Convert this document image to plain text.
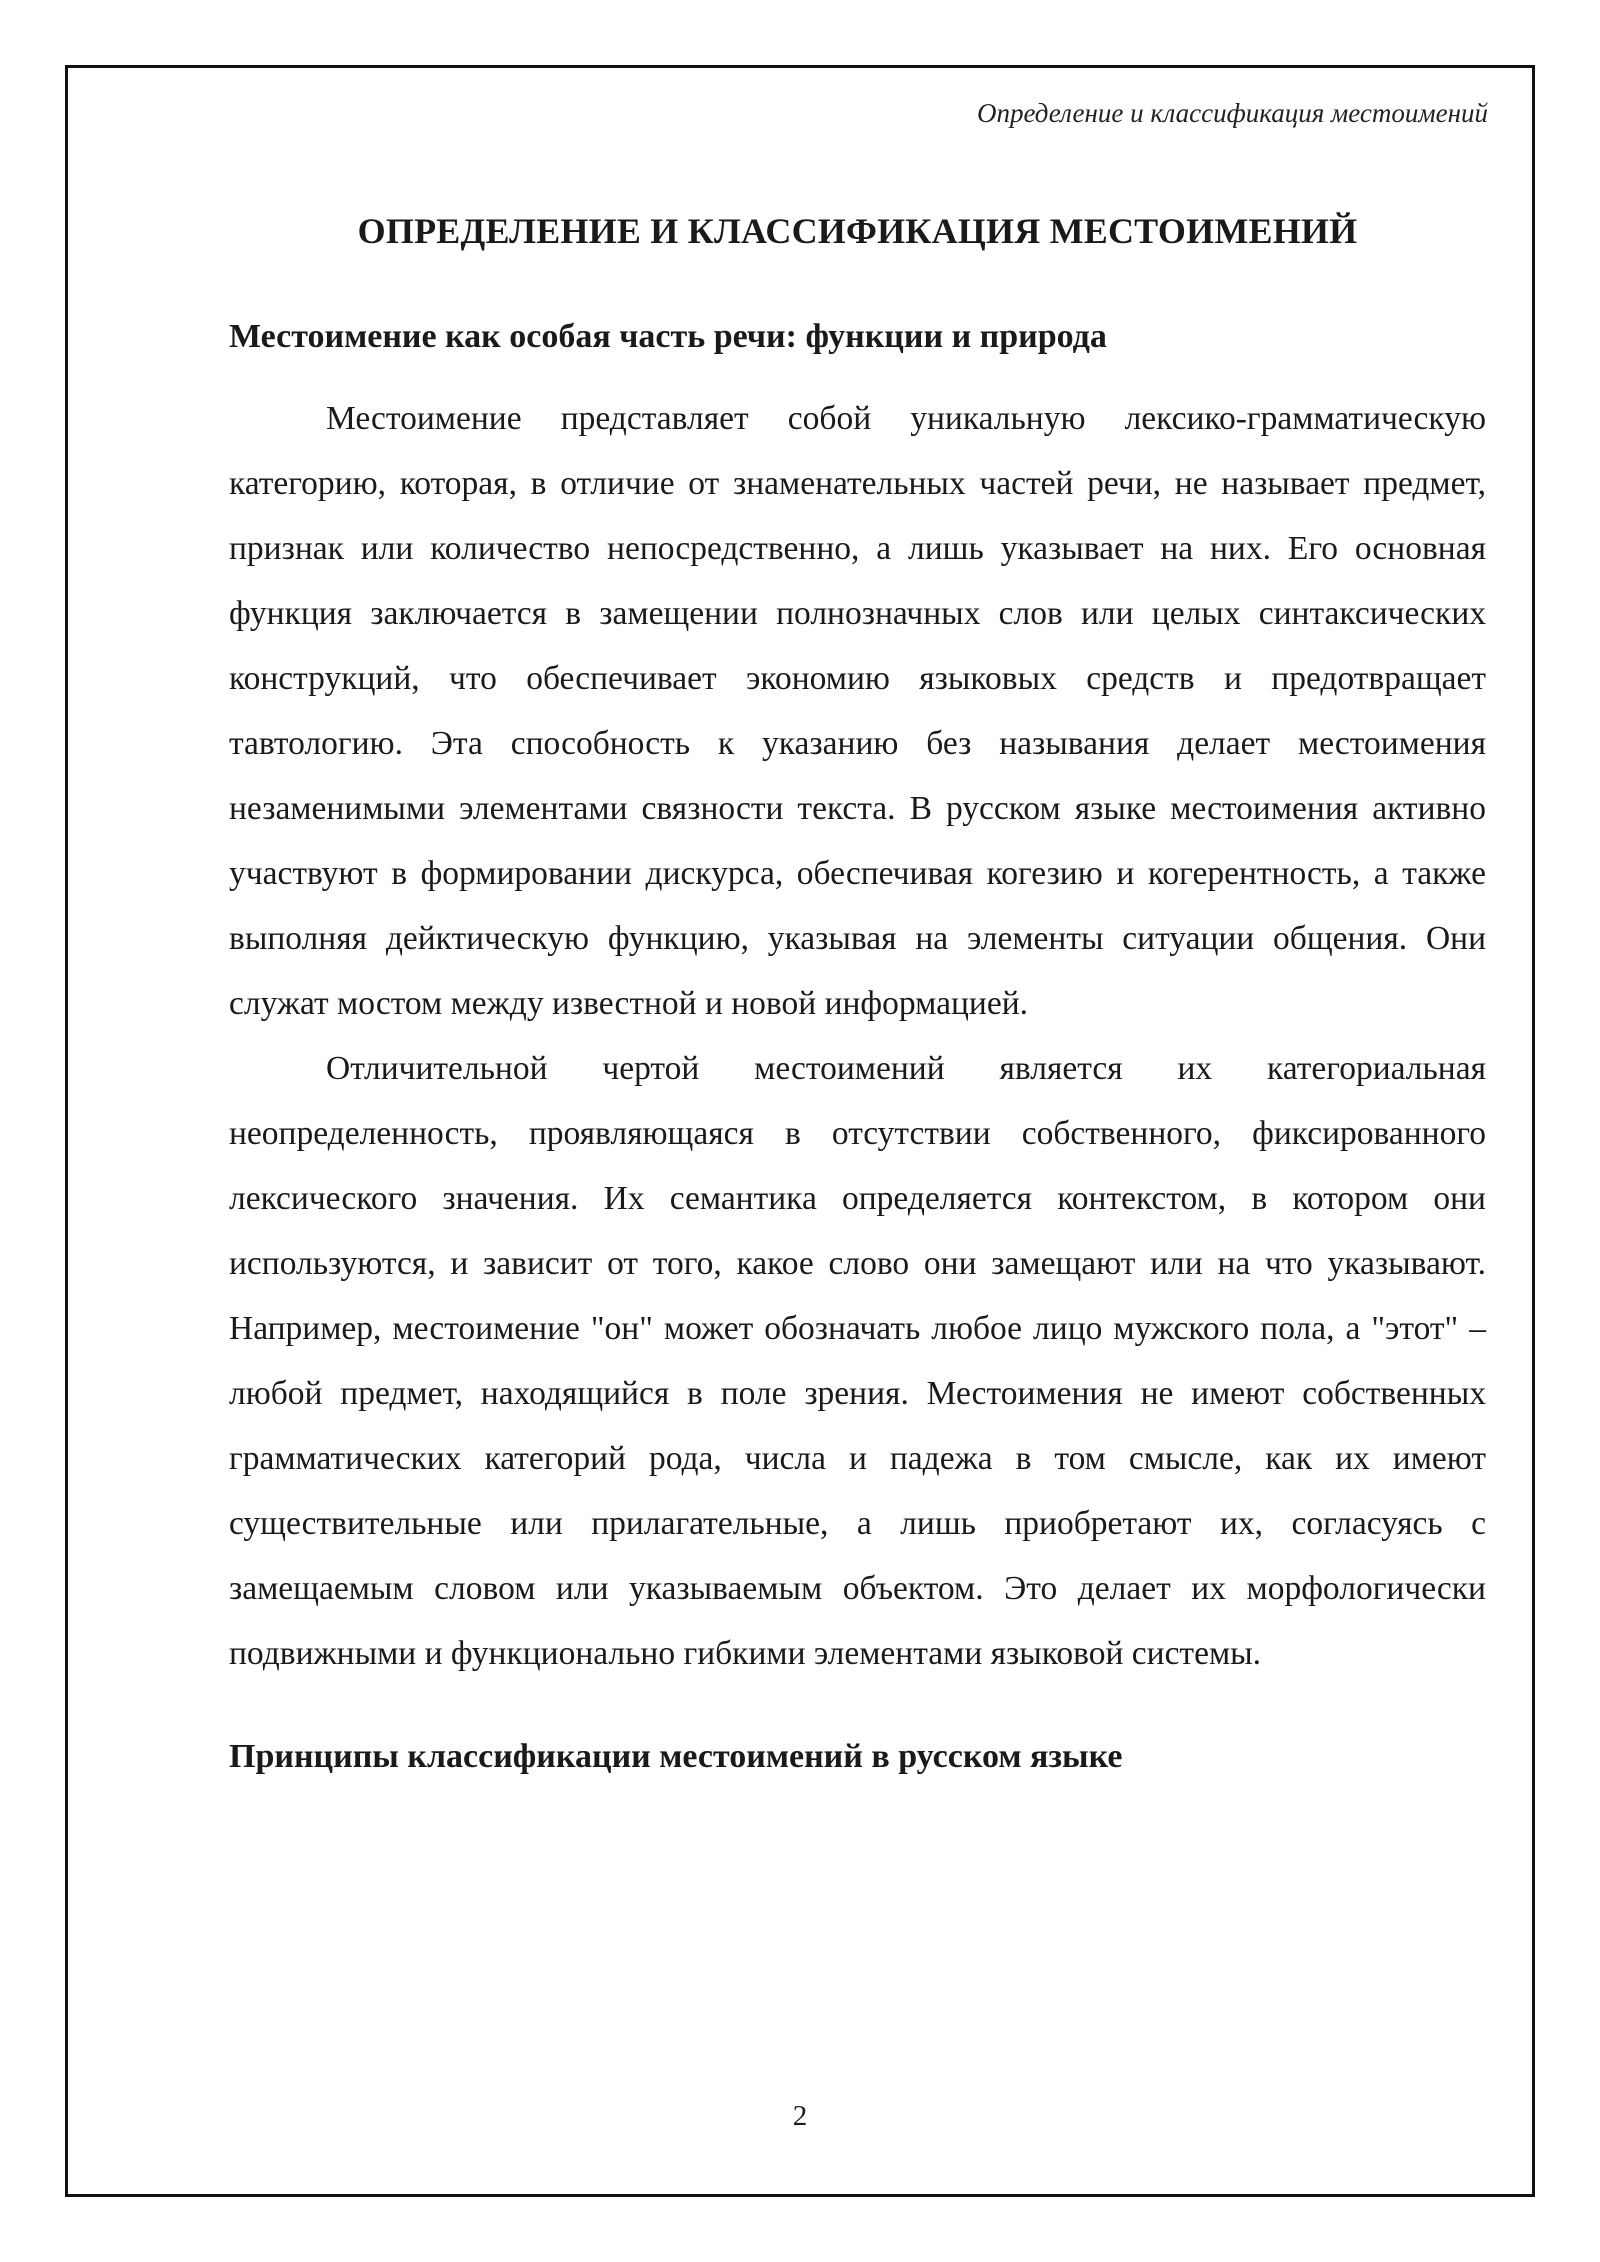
Определение и классификация местоимений
ОПРЕДЕЛЕНИЕ И КЛАССИФИКАЦИЯ МЕСТОИМЕНИЙ
Местоимение как особая часть речи: функции и природа

Местоимение представляет собой уникальную лексико-грамматическую категорию, которая, в отличие от знаменательных частей речи, не называет предмет, признак или количество непосредственно, а лишь указывает на них. Его основная функция заключается в замещении полнозначных слов или целых синтаксических конструкций, что обеспечивает экономию языковых средств и предотвращает тавтологию. Эта способность к указанию без называния делает местоимения незаменимыми элементами связности текста. В русском языке местоимения активно участвуют в формировании дискурса, обеспечивая когезию и когерентность, а также выполняя дейктическую функцию, указывая на элементы ситуации общения. Они служат мостом между известной и новой информацией.

Отличительной чертой местоимений является их категориальная неопределенность, проявляющаяся в отсутствии собственного, фиксированного лексического значения. Их семантика определяется контекстом, в котором они используются, и зависит от того, какое слово они замещают или на что указывают. Например, местоимение "он" может обозначать любое лицо мужского пола, а "этот" – любой предмет, находящийся в поле зрения. Местоимения не имеют собственных грамматических категорий рода, числа и падежа в том смысле, как их имеют существительные или прилагательные, а лишь приобретают их, согласуясь с замещаемым словом или указываемым объектом. Это делает их морфологически подвижными и функционально гибкими элементами языковой системы.

Принципы классификации местоимений в русском языке
2
